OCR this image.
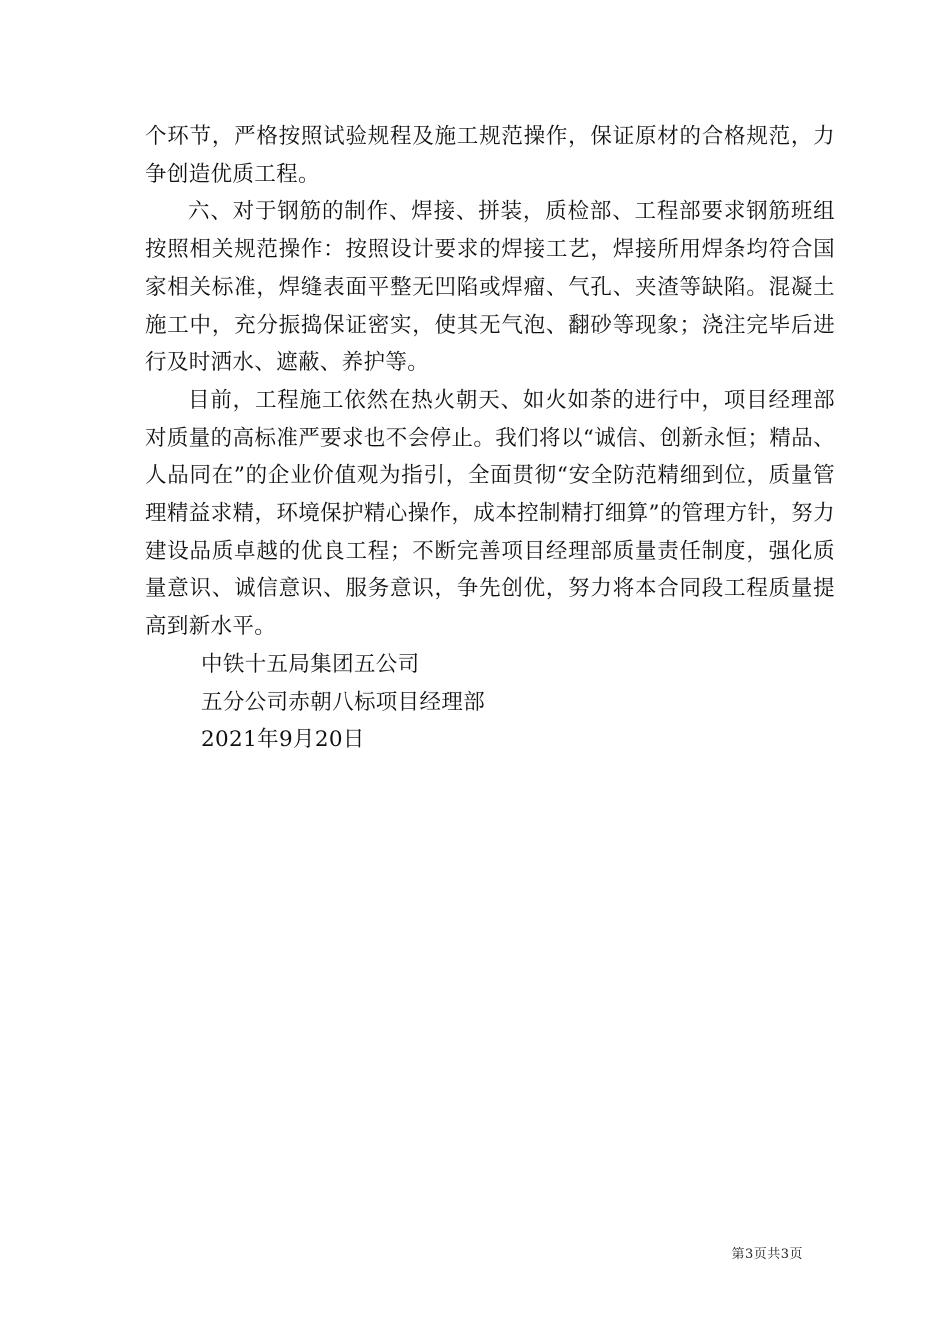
个环节，严格按照试验规程及施工规范操作，保证原材的合格规范，力争创造优质工程。

六、对于钢筋的制作、焊接、拼装，质检部、工程部要求钢筋班组按照相关规范操作：按照设计要求的焊接工艺，焊接所用焊条均符合国家相关标准，焊缝表面平整无凹陷或焊瘤、气孔、夹渣等缺陷。混凝土施工中，充分振捣保证密实，使其无气泡、翻砂等现象；浇注完毕后进行及时洒水、遮蔽、养护等。

目前，工程施工依然在热火朝天、如火如荼的进行中，项目经理部对质量的高标准严要求也不会停止。我们将以“诚信、创新永恒；精品、人品同在”的企业价值观为指引，全面贯彻“安全防范精细到位，质量管理精益求精，环境保护精心操作，成本控制精打细算”的管理方针，努力建设品质卓越的优良工程；不断完善项目经理部质量责任制度，强化质量意识、诚信意识、服务意识，争先创优，努力将本合同段工程质量提高到新水平。

中铁十五局集团五公司

五分公司赤朝八标项目经理部

2021年9月20日

第3页共3页
